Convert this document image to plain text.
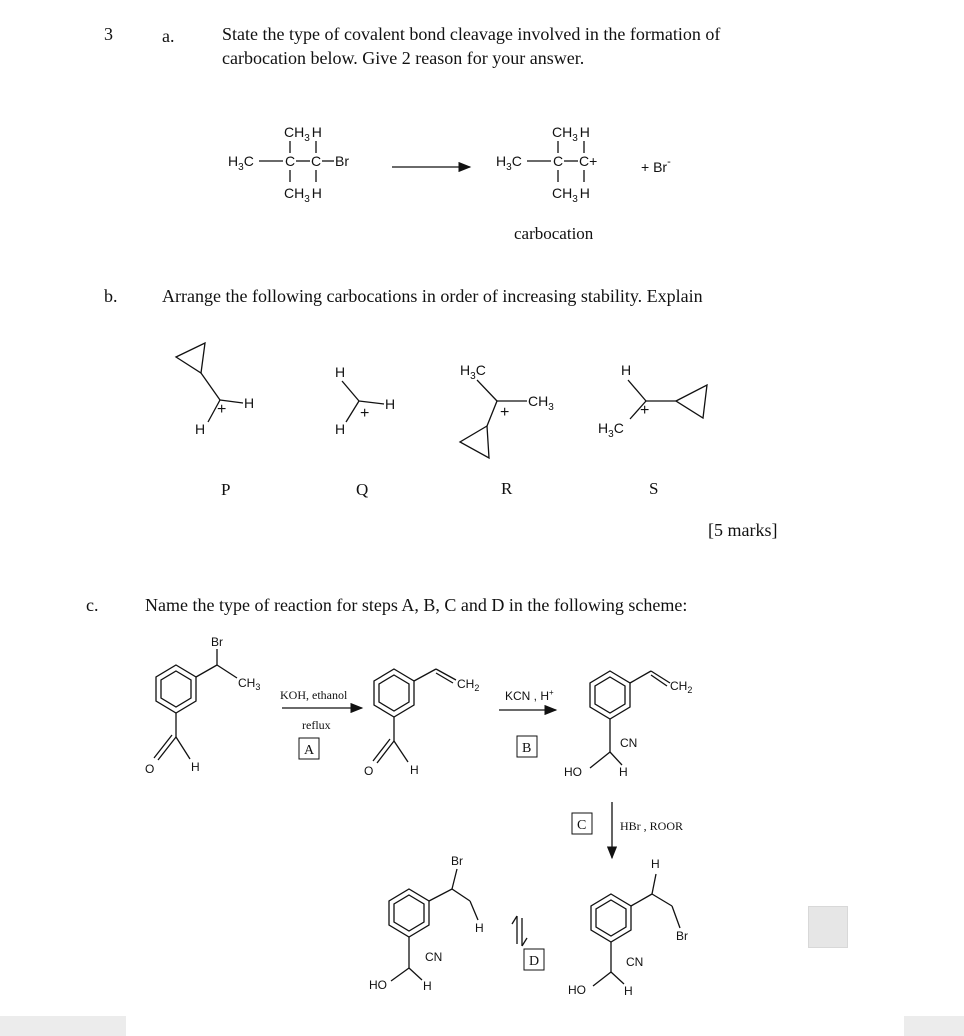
3	a.	State the type of covalent bond cleavage involved in the formation of
carbocation below. Give 2 reason for your answer.
b. Arrange the following carbocations in order of increasing stability. Explain
[5 marks]
c.	Name the type of reaction for steps A, B, C and D in the following scheme:
$CH_3$ H
$H_3C$ C C Br
$CH_3$ H
$CH_3$ H
$H_3C$ C C+
$CH_3$ H
+ Br-
carbocation
H
H
+
H
H
H
+
$H_3C$
$CH_3$
+
H
$H_3C$
+
P	Q	R	S
Br
$CH_3$
O	H
KOH, ethanol
reflux
A
$CH_2$
O	H
KCN , H+
B
$CH_2$
CN
HO	H
C	HBr , ROOR
H
Br
CN
HO	H
D
Br
H
CN
HO	H
